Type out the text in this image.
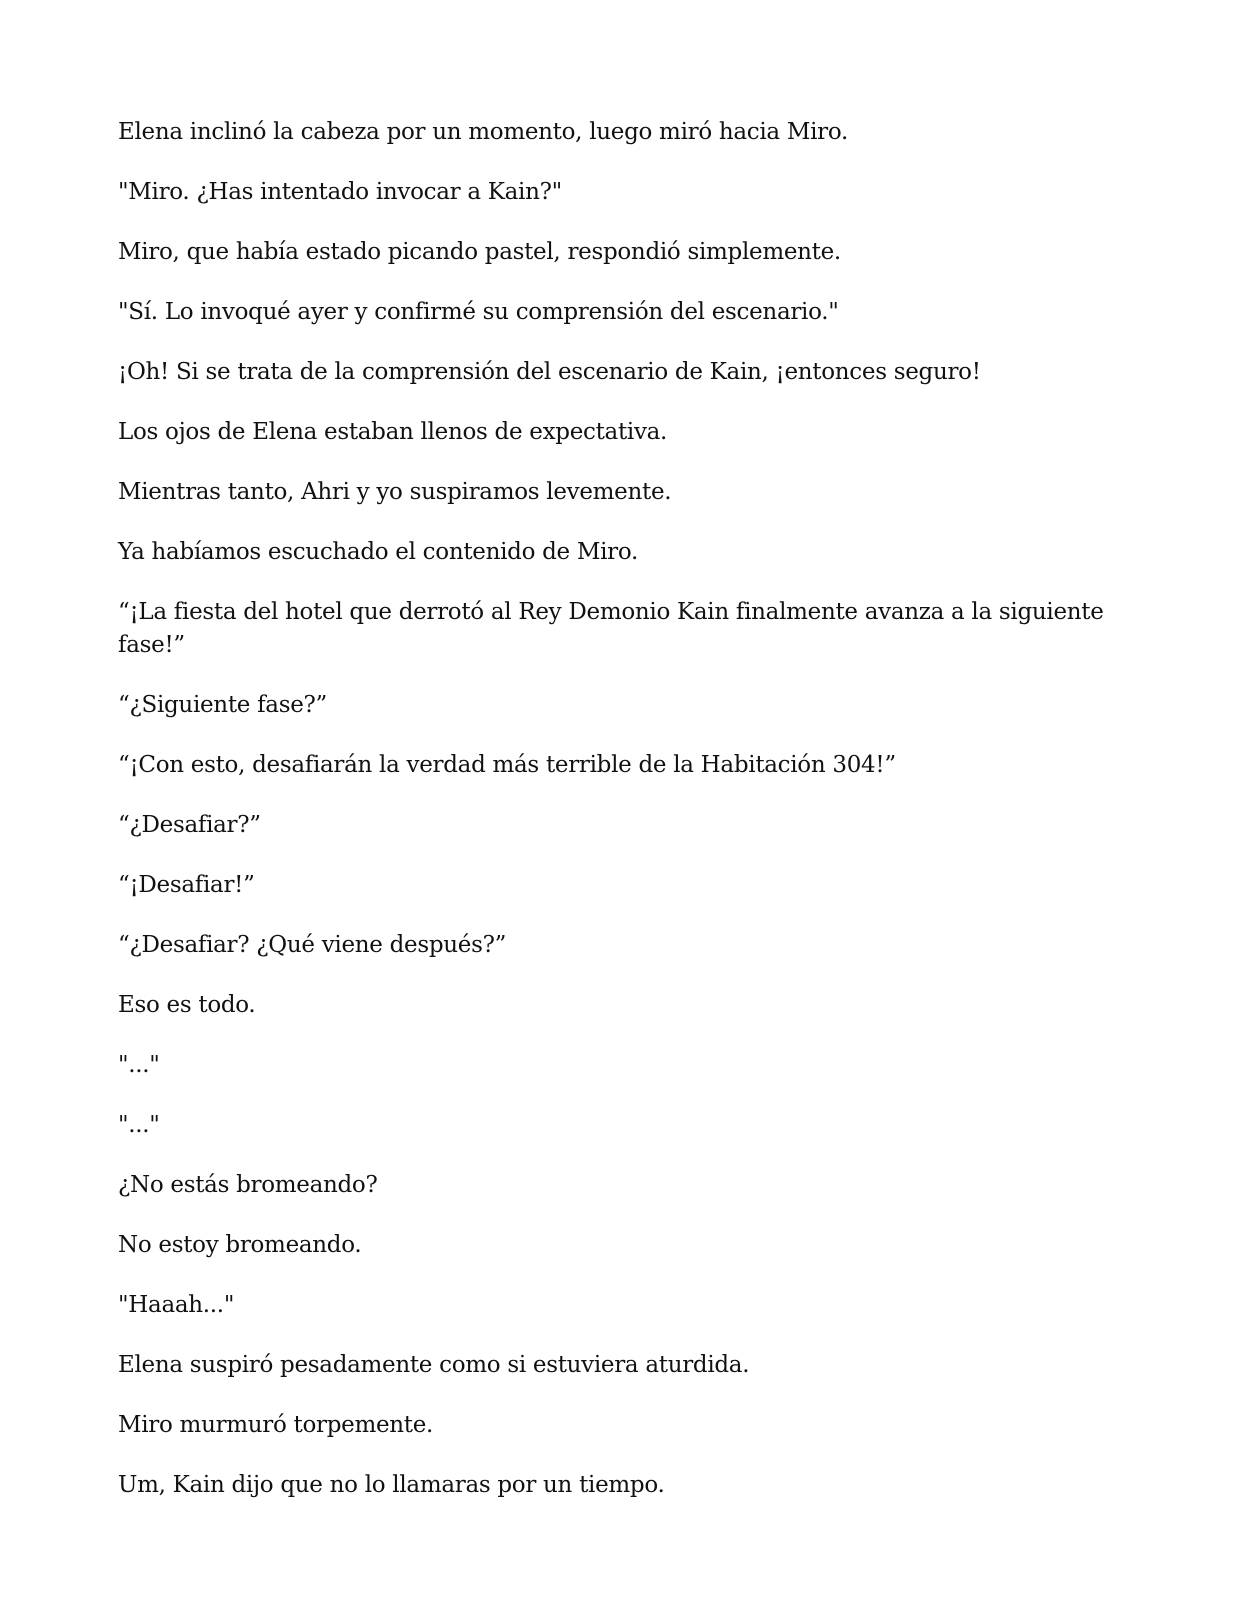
Elena inclinó la cabeza por un momento, luego miró hacia Miro.

"Miro. ¿Has intentado invocar a Kain?"

Miro, que había estado picando pastel, respondió simplemente.

"Sí. Lo invoqué ayer y confirmé su comprensión del escenario."

¡Oh! Si se trata de la comprensión del escenario de Kain, ¡entonces seguro!

Los ojos de Elena estaban llenos de expectativa.

Mientras tanto, Ahri y yo suspiramos levemente.

Ya habíamos escuchado el contenido de Miro.

“¡La fiesta del hotel que derrotó al Rey Demonio Kain finalmente avanza a la siguiente fase!”

“¿Siguiente fase?”

“¡Con esto, desafiarán la verdad más terrible de la Habitación 304!”

“¿Desafiar?”

“¡Desafiar!”

“¿Desafiar? ¿Qué viene después?”

Eso es todo.

"..."

"..."

¿No estás bromeando?

No estoy bromeando.

"Haaah..."

Elena suspiró pesadamente como si estuviera aturdida.

Miro murmuró torpemente.

Um, Kain dijo que no lo llamaras por un tiempo.
